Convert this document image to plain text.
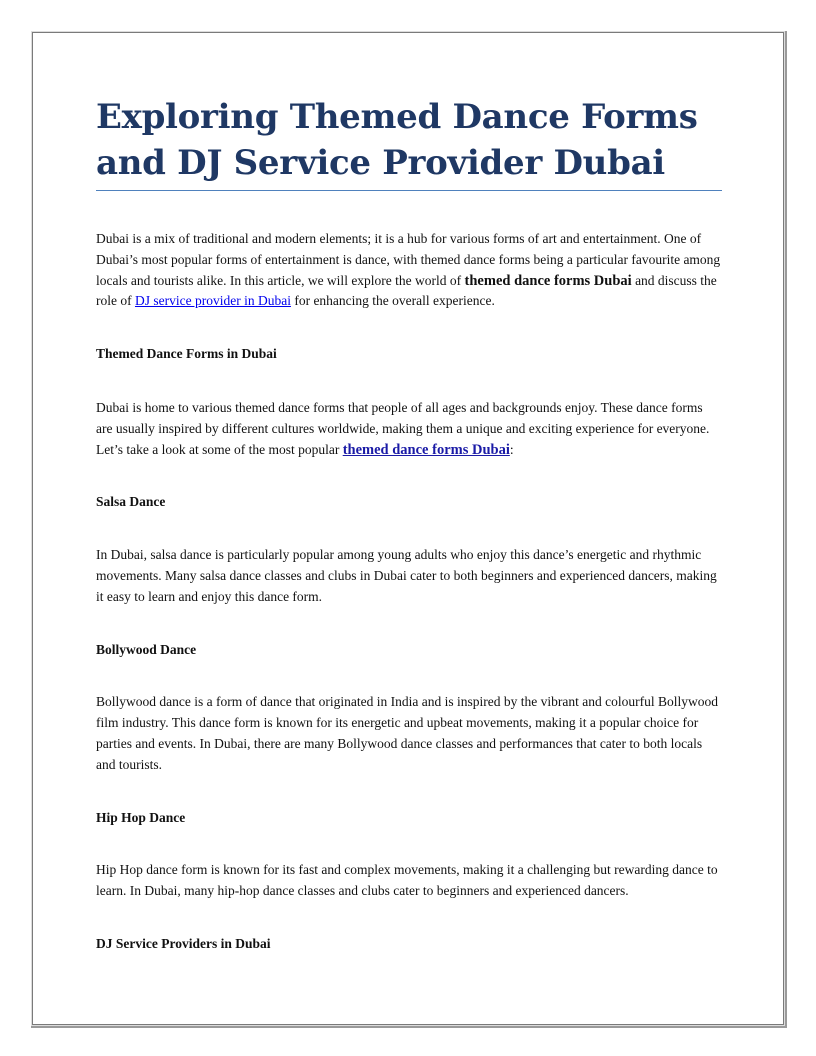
Exploring Themed Dance Forms and DJ Service Provider Dubai

Dubai is a mix of traditional and modern elements; it is a hub for various forms of art and entertainment. One of Dubai’s most popular forms of entertainment is dance, with themed dance forms being a particular favourite among locals and tourists alike. In this article, we will explore the world of themed dance forms Dubai and discuss the role of DJ service provider in Dubai for enhancing the overall experience.

Themed Dance Forms in Dubai

Dubai is home to various themed dance forms that people of all ages and backgrounds enjoy. These dance forms are usually inspired by different cultures worldwide, making them a unique and exciting experience for everyone. Let’s take a look at some of the most popular themed dance forms Dubai:

Salsa Dance

In Dubai, salsa dance is particularly popular among young adults who enjoy this dance’s energetic and rhythmic movements. Many salsa dance classes and clubs in Dubai cater to both beginners and experienced dancers, making it easy to learn and enjoy this dance form.

Bollywood Dance

Bollywood dance is a form of dance that originated in India and is inspired by the vibrant and colourful Bollywood film industry. This dance form is known for its energetic and upbeat movements, making it a popular choice for parties and events. In Dubai, there are many Bollywood dance classes and performances that cater to both locals and tourists.

Hip Hop Dance

Hip Hop dance form is known for its fast and complex movements, making it a challenging but rewarding dance to learn. In Dubai, many hip-hop dance classes and clubs cater to beginners and experienced dancers.

DJ Service Providers in Dubai
